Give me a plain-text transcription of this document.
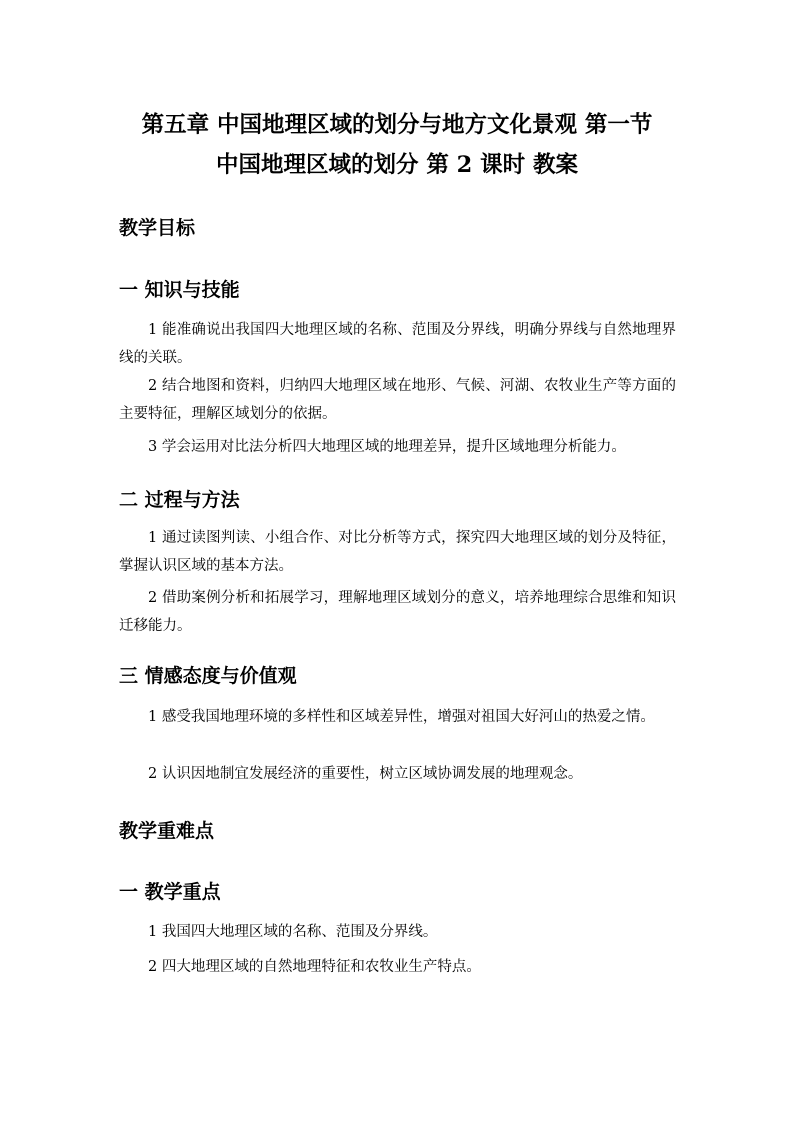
第五章 中国地理区域的划分与地方文化景观 第一节
中国地理区域的划分 第 2 课时 教案
教学目标
一 知识与技能
1 能准确说出我国四大地理区域的名称、范围及分界线，明确分界线与自然地理界线的关联。
2 结合地图和资料，归纳四大地理区域在地形、气候、河湖、农牧业生产等方面的主要特征，理解区域划分的依据。
3 学会运用对比法分析四大地理区域的地理差异，提升区域地理分析能力。
二 过程与方法
1 通过读图判读、小组合作、对比分析等方式，探究四大地理区域的划分及特征，掌握认识区域的基本方法。
2 借助案例分析和拓展学习，理解地理区域划分的意义，培养地理综合思维和知识迁移能力。
三 情感态度与价值观
1 感受我国地理环境的多样性和区域差异性，增强对祖国大好河山的热爱之情。
2 认识因地制宜发展经济的重要性，树立区域协调发展的地理观念。
教学重难点
一 教学重点
1 我国四大地理区域的名称、范围及分界线。
2 四大地理区域的自然地理特征和农牧业生产特点。
